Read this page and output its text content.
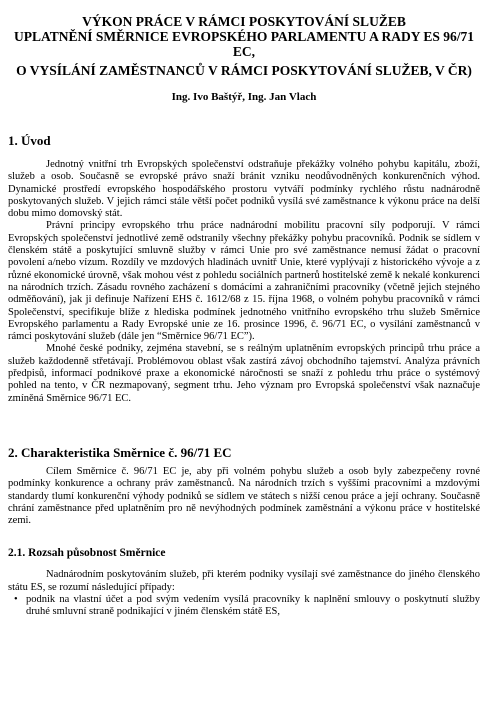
VÝKON PRÁCE V RÁMCI POSKYTOVÁNÍ SLUŽEB
UPLATNĚNÍ SMĚRNICE EVROPSKÉHO PARLAMENTU A RADY ES 96/71 EC,
O VYSÍLÁNÍ ZAMĚSTNANCŮ V RÁMCI POSKYTOVÁNÍ SLUŽEB, V ČR)
Ing. Ivo Baštýř, Ing. Jan Vlach
1. Úvod

Jednotný vnitřní trh Evropských společenství odstraňuje překážky volného pohybu kapitálu, zboží, služeb a osob. Současně se evropské právo snaží bránit vzniku neodůvodněných konkurenčních výhod. Dynamické prostředí evropského hospodářského prostoru vytváří podmínky rychlého růstu nadnárodně poskytovaných služeb. V jejich rámci stále větší počet podniků vysílá své zaměstnance k výkonu práce na delší dobu mimo domovský stát.

Právní principy evropského trhu práce nadnárodní mobilitu pracovní síly podporují. V rámci Evropských společenství jednotlivé země odstranily všechny překážky pohybu pracovníků. Podnik se sídlem v členském státě a poskytující smluvně služby v rámci Unie pro své zaměstnance nemusí žádat o pracovní povolení a/nebo vízum. Rozdíly ve mzdových hladinách uvnitř Unie, které vyplývají z historického vývoje a z různé ekonomické úrovně, však mohou vést z pohledu sociálních partnerů hostitelské země k nekalé konkurenci na národních trzích. Zásadu rovného zacházení s domácími a zahraničními pracovníky (včetně jejich stejného odměňování), jak ji definuje Nařízení EHS č. 1612/68 z 15. října 1968, o volném pohybu pracovníků v rámci Společenství, specifikuje blíže z hlediska podmínek jednotného vnitřního evropského trhu služeb Směrnice Evropského parlamentu a Rady Evropské unie ze 16. prosince 1996, č. 96/71 EC, o vysílání zaměstnanců v rámci poskytování služeb (dále jen “Směrnice 96/71 EC”).

Mnohé české podniky, zejména stavební, se s reálným uplatněním evropských principů trhu práce a služeb každodenně střetávají. Problémovou oblast však zastírá závoj obchodního tajemství. Analýza právních předpisů, informací podnikové praxe a ekonomické náročnosti se snaží z pohledu trhu práce o systémový pohled na tento, v ČR nezmapovaný, segment trhu. Jeho význam pro Evropská společenství však naznačuje zmíněná Směrnice 96/71 EC.

2. Charakteristika Směrnice č. 96/71 EC

Cílem Směrnice č. 96/71 EC je, aby při volném pohybu služeb a osob byly zabezpečeny rovné podmínky konkurence a ochrany práv zaměstnanců. Na národních trzích s vyššími pracovními a mzdovými standardy tlumí konkurenční výhody podniků se sídlem ve státech s nižší cenou práce a její ochrany. Současně chrání zaměstnance před uplatněním pro ně nevýhodných podmínek zaměstnání a výkonu práce v hostitelské zemi.

2.1. Rozsah působnost Směrnice

Nadnárodním poskytováním služeb, při kterém podniky vysílají své zaměstnance do jiného členského státu ES, se rozumí následující případy:

• podnik na vlastní účet a pod svým vedením vysílá pracovníky k naplnění smlouvy o poskytnutí služby druhé smluvní straně podnikající v jiném členském státě ES,
